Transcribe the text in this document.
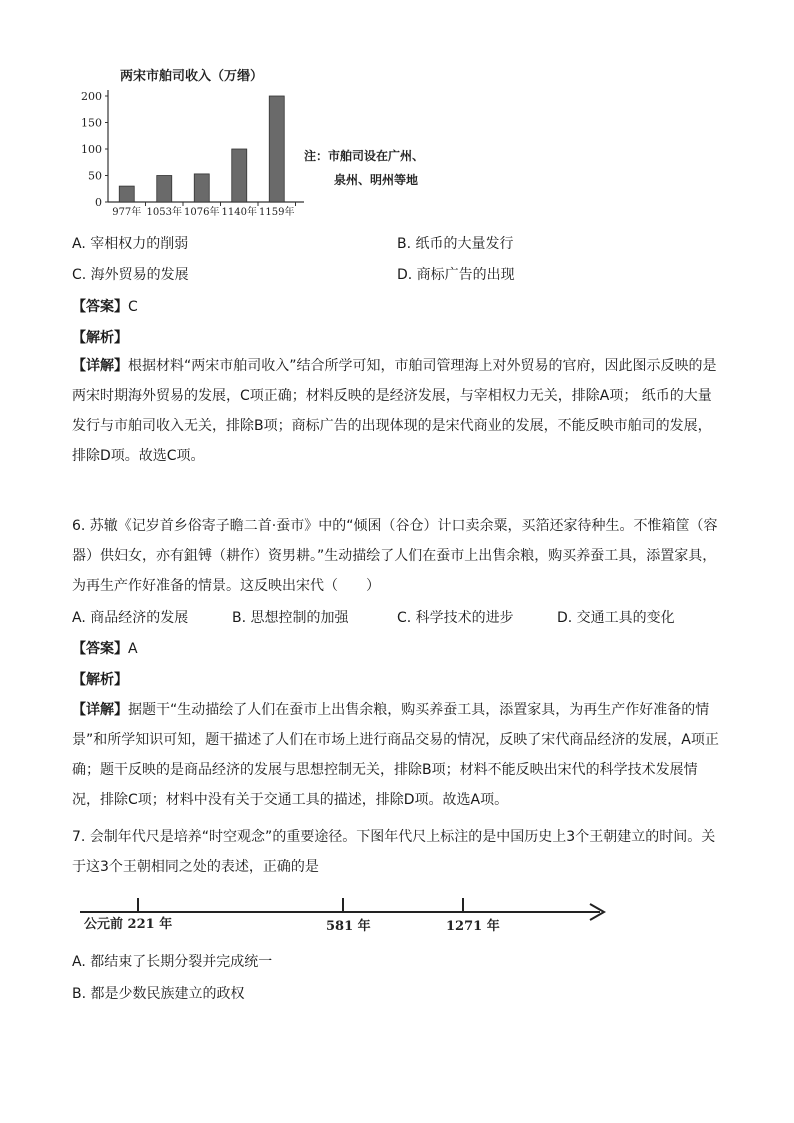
两宋市舶司收入（万缗）
0
50
100
150
200
977年 1053年 1076年 1140年 1159年
注：市舶司设在广州、
泉州、明州等地
A. 宰相权力的削弱	B. 纸币的大量发行
C. 海外贸易的发展	D. 商标广告的出现
【答案】C
【解析】
【详解】根据材料“两宋市舶司收入”结合所学可知，市舶司管理海上对外贸易的官府，因此图示反映的是两宋时期海外贸易的发展，C项正确；材料反映的是经济发展，与宰相权力无关，排除A项； 纸币的大量发行与市舶司收入无关，排除B项；商标广告的出现体现的是宋代商业的发展，不能反映市舶司的发展，排除D项。故选C项。
6. 苏辙《记岁首乡俗寄子瞻二首·蚕市》中的“倾囷（谷仓）计口卖余粟，买箔还家待种生。不惟箱筐（容器）供妇女，亦有鉏镈（耕作）资男耕。”生动描绘了人们在蚕市上出售余粮，购买养蚕工具，添置家具，为再生产作好准备的情景。这反映出宋代（　　）
A. 商品经济的发展	B. 思想控制的加强	C. 科学技术的进步	D. 交通工具的变化
【答案】A
【解析】
【详解】据题干“生动描绘了人们在蚕市上出售余粮，购买养蚕工具，添置家具，为再生产作好准备的情景”和所学知识可知，题干描述了人们在市场上进行商品交易的情况，反映了宋代商品经济的发展，A项正确；题干反映的是商品经济的发展与思想控制无关，排除B项；材料不能反映出宋代的科学技术发展情况，排除C项；材料中没有关于交通工具的描述，排除D项。故选A项。
7. 会制年代尺是培养“时空观念”的重要途径。下图年代尺上标注的是中国历史上3个王朝建立的时间。关于这3个王朝相同之处的表述，正确的是
公元前 221 年	581 年	1271 年
A. 都结束了长期分裂并完成统一
B. 都是少数民族建立的政权
